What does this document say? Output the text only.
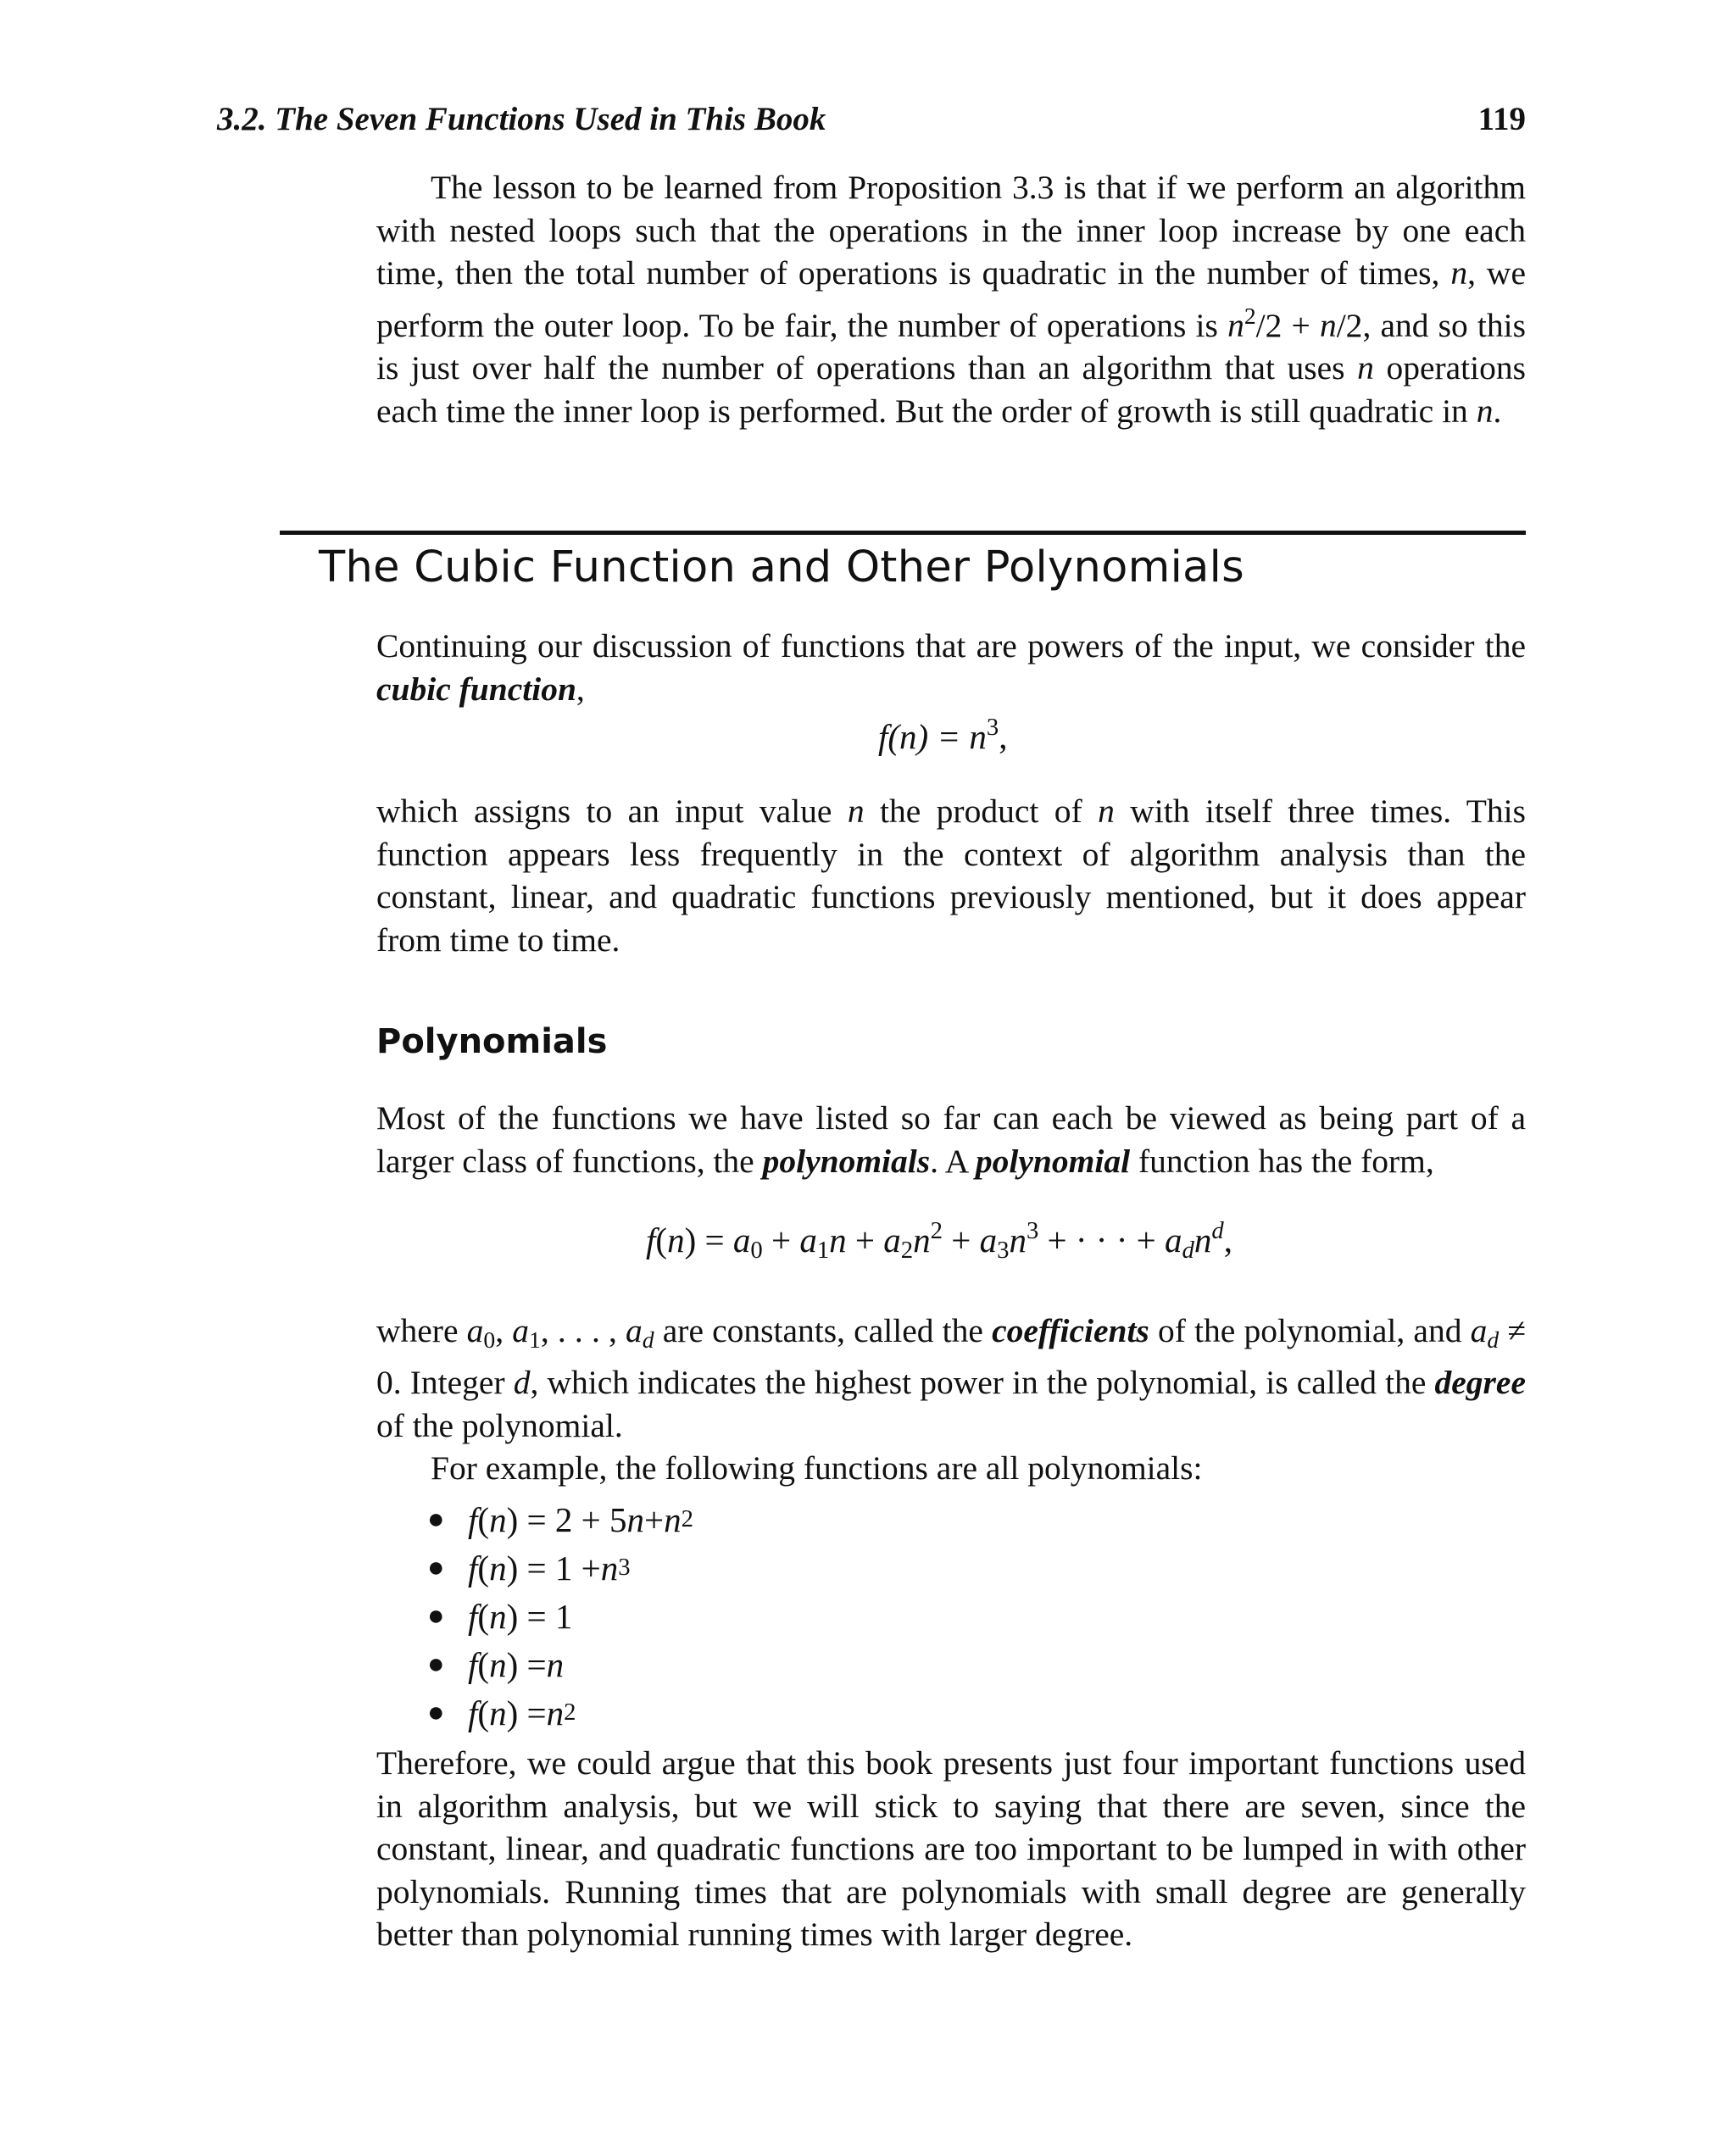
3.2. The Seven Functions Used in This Book	119

The lesson to be learned from Proposition 3.3 is that if we perform an algorithm with nested loops such that the operations in the inner loop increase by one each time, then the total number of operations is quadratic in the number of times, n, we perform the outer loop. To be fair, the number of operations is $n^2/2 + n/2$, and so this is just over half the number of operations than an algorithm that uses n operations each time the inner loop is performed. But the order of growth is still quadratic in n.

The Cubic Function and Other Polynomials

Continuing our discussion of functions that are powers of the input, we consider the cubic function,

$f(n) = n^3$,

which assigns to an input value n the product of n with itself three times. This function appears less frequently in the context of algorithm analysis than the constant, linear, and quadratic functions previously mentioned, but it does appear from time to time.

Polynomials

Most of the functions we have listed so far can each be viewed as being part of a larger class of functions, the polynomials. A polynomial function has the form,

$f(n) = a0 + a1n + a2n^2 + a3n^3$ + · · · + $a_dn^d$,

where a0, a1, . . . , $a_d$ are constants, called the coefficients of the polynomial, and $a_d \ne 0$. Integer d, which indicates the highest power in the polynomial, is called the degree of the polynomial.

For example, the following functions are all polynomials:

● f ( n ) = 2 + 5 n + n 2
● f ( n ) = 1 + n 3
● f ( n ) = 1
● f ( n ) = n
● f ( n ) = n 2

Therefore, we could argue that this book presents just four important functions used in algorithm analysis, but we will stick to saying that there are seven, since the constant, linear, and quadratic functions are too important to be lumped in with other polynomials. Running times that are polynomials with small degree are generally better than polynomial running times with larger degree.
